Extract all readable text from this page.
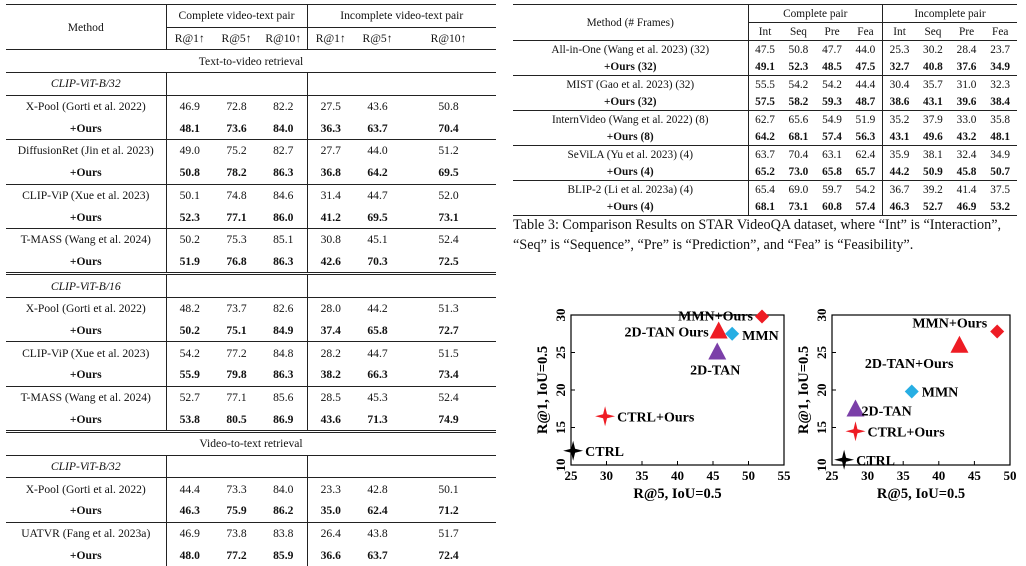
Method	Complete video-text pair			Incomplete video-text pair		
	R@1↑	R@5↑	R@10↑	R@1↑	R@5↑	R@10↑
Text-to-video retrieval						
CLIP-ViT-B/32						
X-Pool (Gorti et al. 2022)	46.9	72.8	82.2	27.5	43.6	50.8
+Ours	48.1	73.6	84.0	36.3	63.7	70.4
DiffusionRet (Jin et al. 2023)	49.0	75.2	82.7	27.7	44.0	51.2
+Ours	50.8	78.2	86.3	36.8	64.2	69.5
CLIP-ViP (Xue et al. 2023)	50.1	74.8	84.6	31.4	44.7	52.0
+Ours	52.3	77.1	86.0	41.2	69.5	73.1
T-MASS (Wang et al. 2024)	50.2	75.3	85.1	30.8	45.1	52.4
+Ours	51.9	76.8	86.3	42.6	70.3	72.5
CLIP-ViT-B/16						
X-Pool (Gorti et al. 2022)	48.2	73.7	82.6	28.0	44.2	51.3
+Ours	50.2	75.1	84.9	37.4	65.8	72.7
CLIP-ViP (Xue et al. 2023)	54.2	77.2	84.8	28.2	44.7	51.5
+Ours	55.9	79.8	86.3	38.2	66.3	73.4
T-MASS (Wang et al. 2024)	52.7	77.1	85.6	28.5	45.3	52.4
+Ours	53.8	80.5	86.9	43.6	71.3	74.9
Video-to-text retrieval						
CLIP-ViT-B/32						
X-Pool (Gorti et al. 2022)	44.4	73.3	84.0	23.3	42.8	50.1
+Ours	46.3	75.9	86.2	35.0	62.4	71.2
UATVR (Fang et al. 2023a)	46.9	73.8	83.8	26.4	43.8	51.7
+Ours	48.0	77.2	85.9	36.6	63.7	72.4
Method (# Frames)	Complete pair				Incomplete pair			
	Int	Seq	Pre	Fea	Int	Seq	Pre	Fea
All-in-One (Wang et al. 2023) (32)	47.5	50.8	47.7	44.0	25.3	30.2	28.4	23.7
+Ours (32)	49.1	52.3	48.5	47.5	32.7	40.8	37.6	34.9
MIST (Gao et al. 2023) (32)	55.5	54.2	54.2	44.4	30.4	35.7	31.0	32.3
+Ours (32)	57.5	58.2	59.3	48.7	38.6	43.1	39.6	38.4
InternVideo (Wang et al. 2022) (8)	62.7	65.6	54.9	51.9	35.2	37.9	33.0	35.8
+Ours (8)	64.2	68.1	57.4	56.3	43.1	49.6	43.2	48.1
SeViLA (Yu et al. 2023) (4)	63.7	70.4	63.1	62.4	35.9	38.1	32.4	34.9
+Ours (4)	65.2	73.0	65.8	65.7	44.2	50.9	45.8	50.7
BLIP-2 (Li et al. 2023a) (4)	65.4	69.0	59.7	54.2	36.7	39.2	41.4	37.5
+Ours (4)	68.1	73.1	60.8	57.4	46.3	52.7	46.9	53.2
Table 3: Comparison Results on STAR VideoQA dataset, where “Int” is “Interaction”, “Seq” is “Sequence”, “Pre” is “Prediction”, and “Fea” is “Feasibility”.
25 30 35 40 45 50 55
10
15
20
25
30
R@5, IoU=0.5
R@1, IoU=0.5
CTRL
CTRL+Ours
2D-TAN
2D-TAN Ours MMN
MMN+Ours
25 30 35 40 45 50
10
15
20
25
30
R@5, IoU=0.5
R@1, IoU=0.5
CTRL
CTRL+Ours
2D-TAN
MMN
2D-TAN+Ours
MMN+Ours
